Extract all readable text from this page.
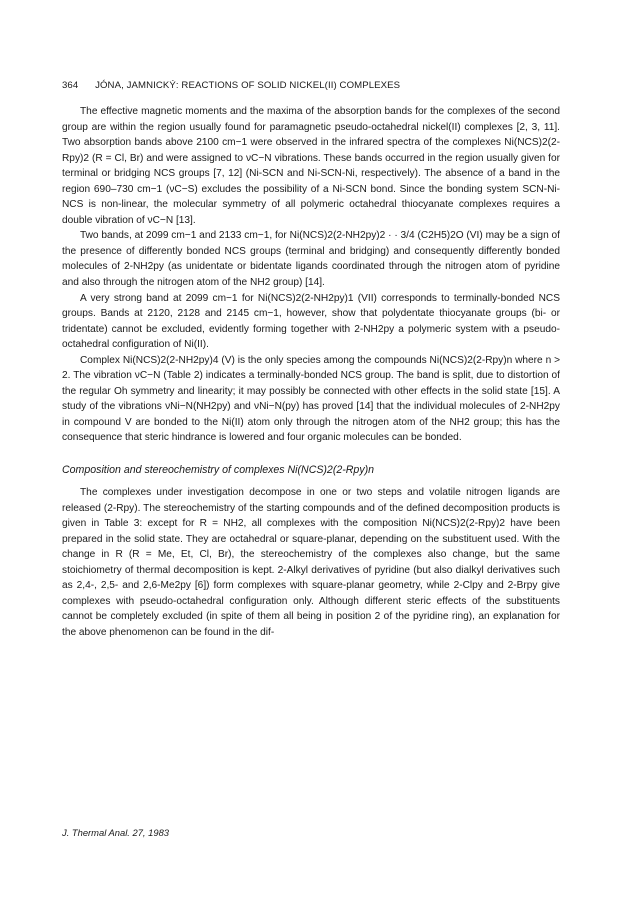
364 JÓNA, JAMNICKÝ: REACTIONS OF SOLID NICKEL(II) COMPLEXES

The effective magnetic moments and the maxima of the absorption bands for the complexes of the second group are within the region usually found for paramagnetic pseudo-octahedral nickel(II) complexes [2, 3, 11]. Two absorption bands above 2100 cm−1 were observed in the infrared spectra of the complexes Ni(NCS)2(2-Rpy)2 (R = Cl, Br) and were assigned to νC−N vibrations. These bands occurred in the region usually given for terminal or bridging NCS groups [7, 12] (Ni-SCN and Ni-SCN-Ni, respectively). The absence of a band in the region 690–730 cm−1 (νC−S) excludes the possibility of a Ni-SCN bond. Since the bonding system SCN-Ni-NCS is non-linear, the molecular symmetry of all polymeric octahedral thiocyanate complexes requires a double vibration of νC−N [13].

Two bands, at 2099 cm−1 and 2133 cm−1, for Ni(NCS)2(2-NH2py)2 · · 3/4 (C2H5)2O (VI) may be a sign of the presence of differently bonded NCS groups (terminal and bridging) and consequently differently bonded molecules of 2-NH2py (as unidentate or bidentate ligands coordinated through the nitrogen atom of pyridine and also through the nitrogen atom of the NH2 group) [14].

A very strong band at 2099 cm−1 for Ni(NCS)2(2-NH2py)1 (VII) corresponds to terminally-bonded NCS groups. Bands at 2120, 2128 and 2145 cm−1, however, show that polydentate thiocyanate groups (bi- or tridentate) cannot be excluded, evidently forming together with 2-NH2py a polymeric system with a pseudo-octahedral configuration of Ni(II).

Complex Ni(NCS)2(2-NH2py)4 (V) is the only species among the compounds Ni(NCS)2(2-Rpy)n where n > 2. The vibration νC−N (Table 2) indicates a terminally-bonded NCS group. The band is split, due to distortion of the regular Oh symmetry and linearity; it may possibly be connected with other effects in the solid state [15]. A study of the vibrations νNi−N(NH2py) and νNi−N(py) has proved [14] that the individual molecules of 2-NH2py in compound V are bonded to the Ni(II) atom only through the nitrogen atom of the NH2 group; this has the consequence that steric hindrance is lowered and four organic molecules can be bonded.

Composition and stereochemistry of complexes Ni(NCS)2(2-Rpy)n

The complexes under investigation decompose in one or two steps and volatile nitrogen ligands are released (2-Rpy). The stereochemistry of the starting compounds and of the defined decomposition products is given in Table 3: except for R = NH2, all complexes with the composition Ni(NCS)2(2-Rpy)2 have been prepared in the solid state. They are octahedral or square-planar, depending on the substituent used. With the change in R (R = Me, Et, Cl, Br), the stereochemistry of the complexes also change, but the same stoichiometry of thermal decomposition is kept. 2-Alkyl derivatives of pyridine (but also dialkyl derivatives such as 2,4-, 2,5- and 2,6-Me2py [6]) form complexes with square-planar geometry, while 2-Clpy and 2-Brpy give complexes with pseudo-octahedral configuration only. Although different steric effects of the substituents cannot be completely excluded (in spite of them all being in position 2 of the pyridine ring), an explanation for the above phenomenon can be found in the dif-

J. Thermal Anal. 27, 1983
